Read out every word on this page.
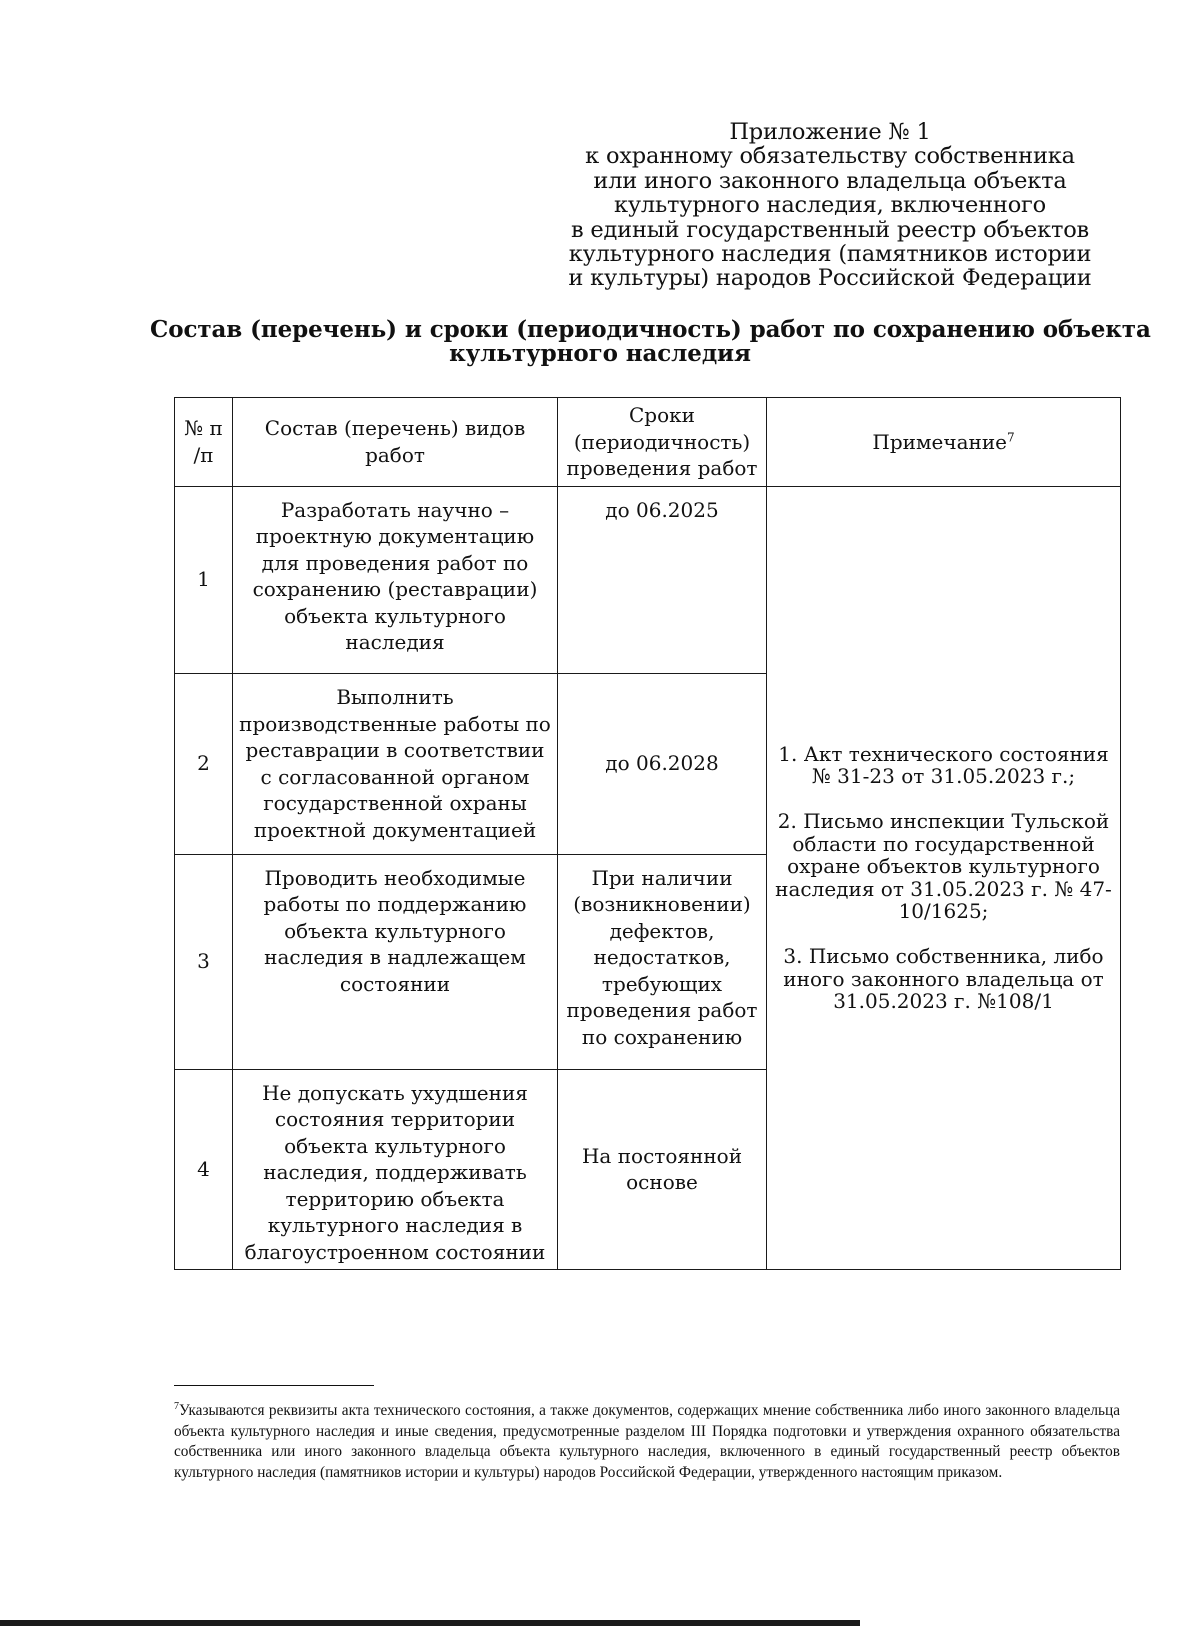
Приложение № 1
к охранному обязательству собственника
или иного законного владельца объекта
культурного наследия, включенного
в единый государственный реестр объектов
культурного наследия (памятников истории
и культуры) народов Российской Федерации
Состав (перечень) и сроки (периодичность) работ по сохранению объекта
культурного наследия
№ п /п	Состав (перечень) видов работ	Сроки (периодичность) проведения работ	Примечание$^7$
1	Разработать научно – проектную документацию для проведения работ по сохранению (реставрации) объекта культурного наследия	до 06.2025	1. Акт технического состояния № 31-23 от 31.05.2023 г.;

2. Письмо инспекции Тульской области по государственной охране объектов культурного наследия от 31.05.2023 г. № 47-10/1625;

3. Письмо собственника, либо иного законного владельца от 31.05.2023 г. №108/1

2	Выполнить производственные работы по реставрации в соответствии с согласованной органом государственной охраны проектной документацией	до 06.2028	
3	Проводить необходимые работы по поддержанию объекта культурного наследия в надлежащем состоянии	При наличии (возникновении) дефектов, недостатков, требующих проведения работ по сохранению	
4	Не допускать ухудшения состояния территории объекта культурного наследия, поддерживать территорию объекта культурного наследия в благоустроенном состоянии	На постоянной основе	
$^7$Указываются реквизиты акта технического состояния, а также документов, содержащих мнение собственника либо иного законного владельца объекта культурного наследия и иные сведения, предусмотренные разделом III Порядка подготовки и утверждения охранного обязательства собственника или иного законного владельца объекта культурного наследия, включенного в единый государственный реестр объектов культурного наследия (памятников истории и культуры) народов Российской Федерации, утвержденного настоящим приказом.
